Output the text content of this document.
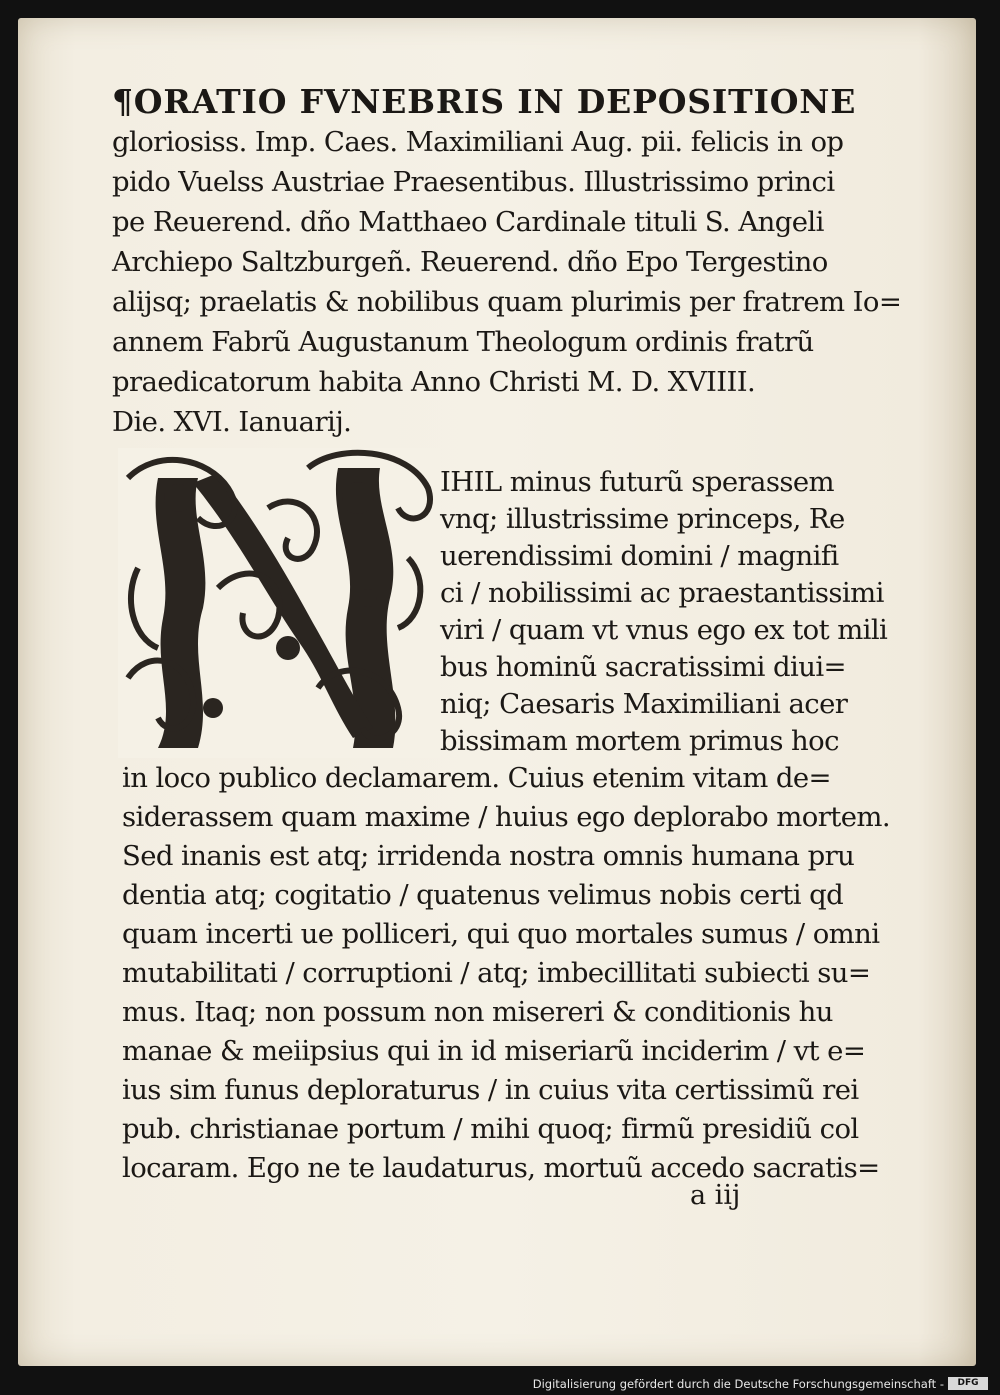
¶ORATIO FVNEBRIS IN DEPOSITIONE
gloriosiss. Imp. Caes. Maximiliani Aug. pii. felicis in op
pido Vuelss Austriae Praesentibus. Illustrissimo princi
pe Reuerend. dño Matthaeo Cardinale tituli S. Angeli
Archiepo Saltzburgeñ. Reuerend. dño Epo Tergestino
alijsq; praelatis & nobilibus quam plurimis per fratrem Io=
annem Fabrũ Augustanum Theologum ordinis fratrũ
praedicatorum habita Anno Christi M. D. XVIIII.
Die. XVI. Ianuarij.
IHIL minus futurũ sperassem
vnq; illustrissime princeps, Re
uerendissimi domini / magnifi
ci / nobilissimi ac praestantissimi
viri / quam vt vnus ego ex tot mili
bus hominũ sacratissimi diui=
niq; Caesaris Maximiliani acer
bissimam mortem primus hoc
in loco publico declamarem. Cuius etenim vitam de=
siderassem quam maxime / huius ego deplorabo mortem.
Sed inanis est atq; irridenda nostra omnis humana pru
dentia atq; cogitatio / quatenus velimus nobis certi qd
quam incerti ue polliceri, qui quo mortales sumus / omni
mutabilitati / corruptioni / atq; imbecillitati subiecti su=
mus. Itaq; non possum non misereri & conditionis hu
manae & meiipsius qui in id miseriarũ inciderim / vt e=
ius sim funus deploraturus / in cuius vita certissimũ rei
pub. christianae portum / mihi quoq; firmũ presidiũ col
locaram. Ego ne te laudaturus, mortuũ accedo sacratis=
a iij
Digitalisierung gefördert durch die Deutsche Forschungsgemeinschaft -	DFG
